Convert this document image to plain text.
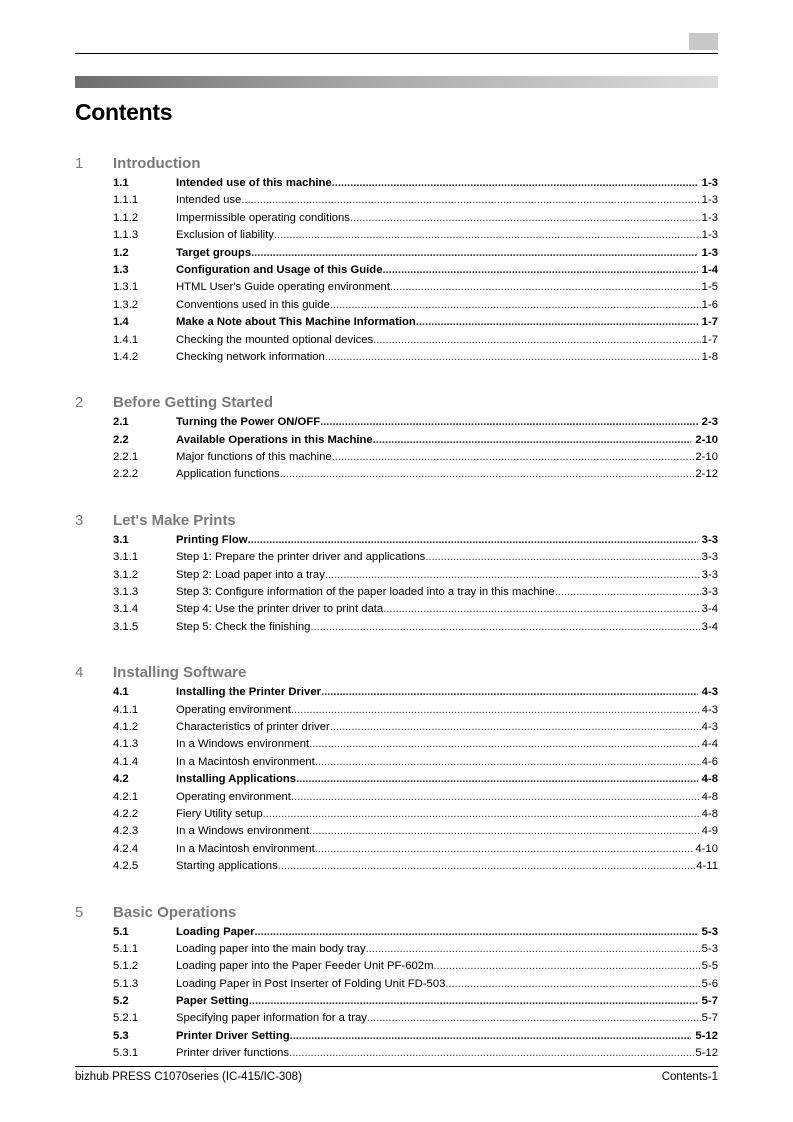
Contents
1	Introduction
1.1	Intended use of this machine . . .	1-3
1.1.1	Intended use . . .	1-3
1.1.2	Impermissible operating conditions . . .	1-3
1.1.3	Exclusion of liability . . .	1-3
1.2	Target groups . . .	1-3
1.3	Configuration and Usage of this Guide . . .	1-4
1.3.1	HTML User's Guide operating environment . . .	1-5
1.3.2	Conventions used in this guide . . .	1-6
1.4	Make a Note about This Machine Information . . .	1-7
1.4.1	Checking the mounted optional devices . . .	1-7
1.4.2	Checking network information . . .	1-8
2	Before Getting Started
2.1	Turning the Power ON/OFF . . .	2-3
2.2	Available Operations in this Machine . . .	2-10
2.2.1	Major functions of this machine . . .	2-10
2.2.2	Application functions . . .	2-12
3	Let's Make Prints
3.1	Printing Flow . . .	3-3
3.1.1	Step 1: Prepare the printer driver and applications . . .	3-3
3.1.2	Step 2: Load paper into a tray . . .	3-3
3.1.3	Step 3: Configure information of the paper loaded into a tray in this machine . . .	3-3
3.1.4	Step 4: Use the printer driver to print data . . .	3-4
3.1.5	Step 5: Check the finishing . . .	3-4
4	Installing Software
4.1	Installing the Printer Driver . . .	4-3
4.1.1	Operating environment . . .	4-3
4.1.2	Characteristics of printer driver . . .	4-3
4.1.3	In a Windows environment . . .	4-4
4.1.4	In a Macintosh environment . . .	4-6
4.2	Installing Applications . . .	4-8
4.2.1	Operating environment . . .	4-8
4.2.2	Fiery Utility setup . . .	4-8
4.2.3	In a Windows environment . . .	4-9
4.2.4	In a Macintosh environment . . .	4-10
4.2.5	Starting applications . . .	4-11
5	Basic Operations
5.1	Loading Paper . . .	5-3
5.1.1	Loading paper into the main body tray . . .	5-3
5.1.2	Loading paper into the Paper Feeder Unit PF-602m . . .	5-5
5.1.3	Loading Paper in Post Inserter of Folding Unit FD-503 . . .	5-6
5.2	Paper Setting . . .	5-7
5.2.1	Specifying paper information for a tray . . .	5-7
5.3	Printer Driver Setting . . .	5-12
5.3.1	Printer driver functions . . .	5-12
bizhub PRESS C1070series (IC-415/IC-308)	Contents-1
